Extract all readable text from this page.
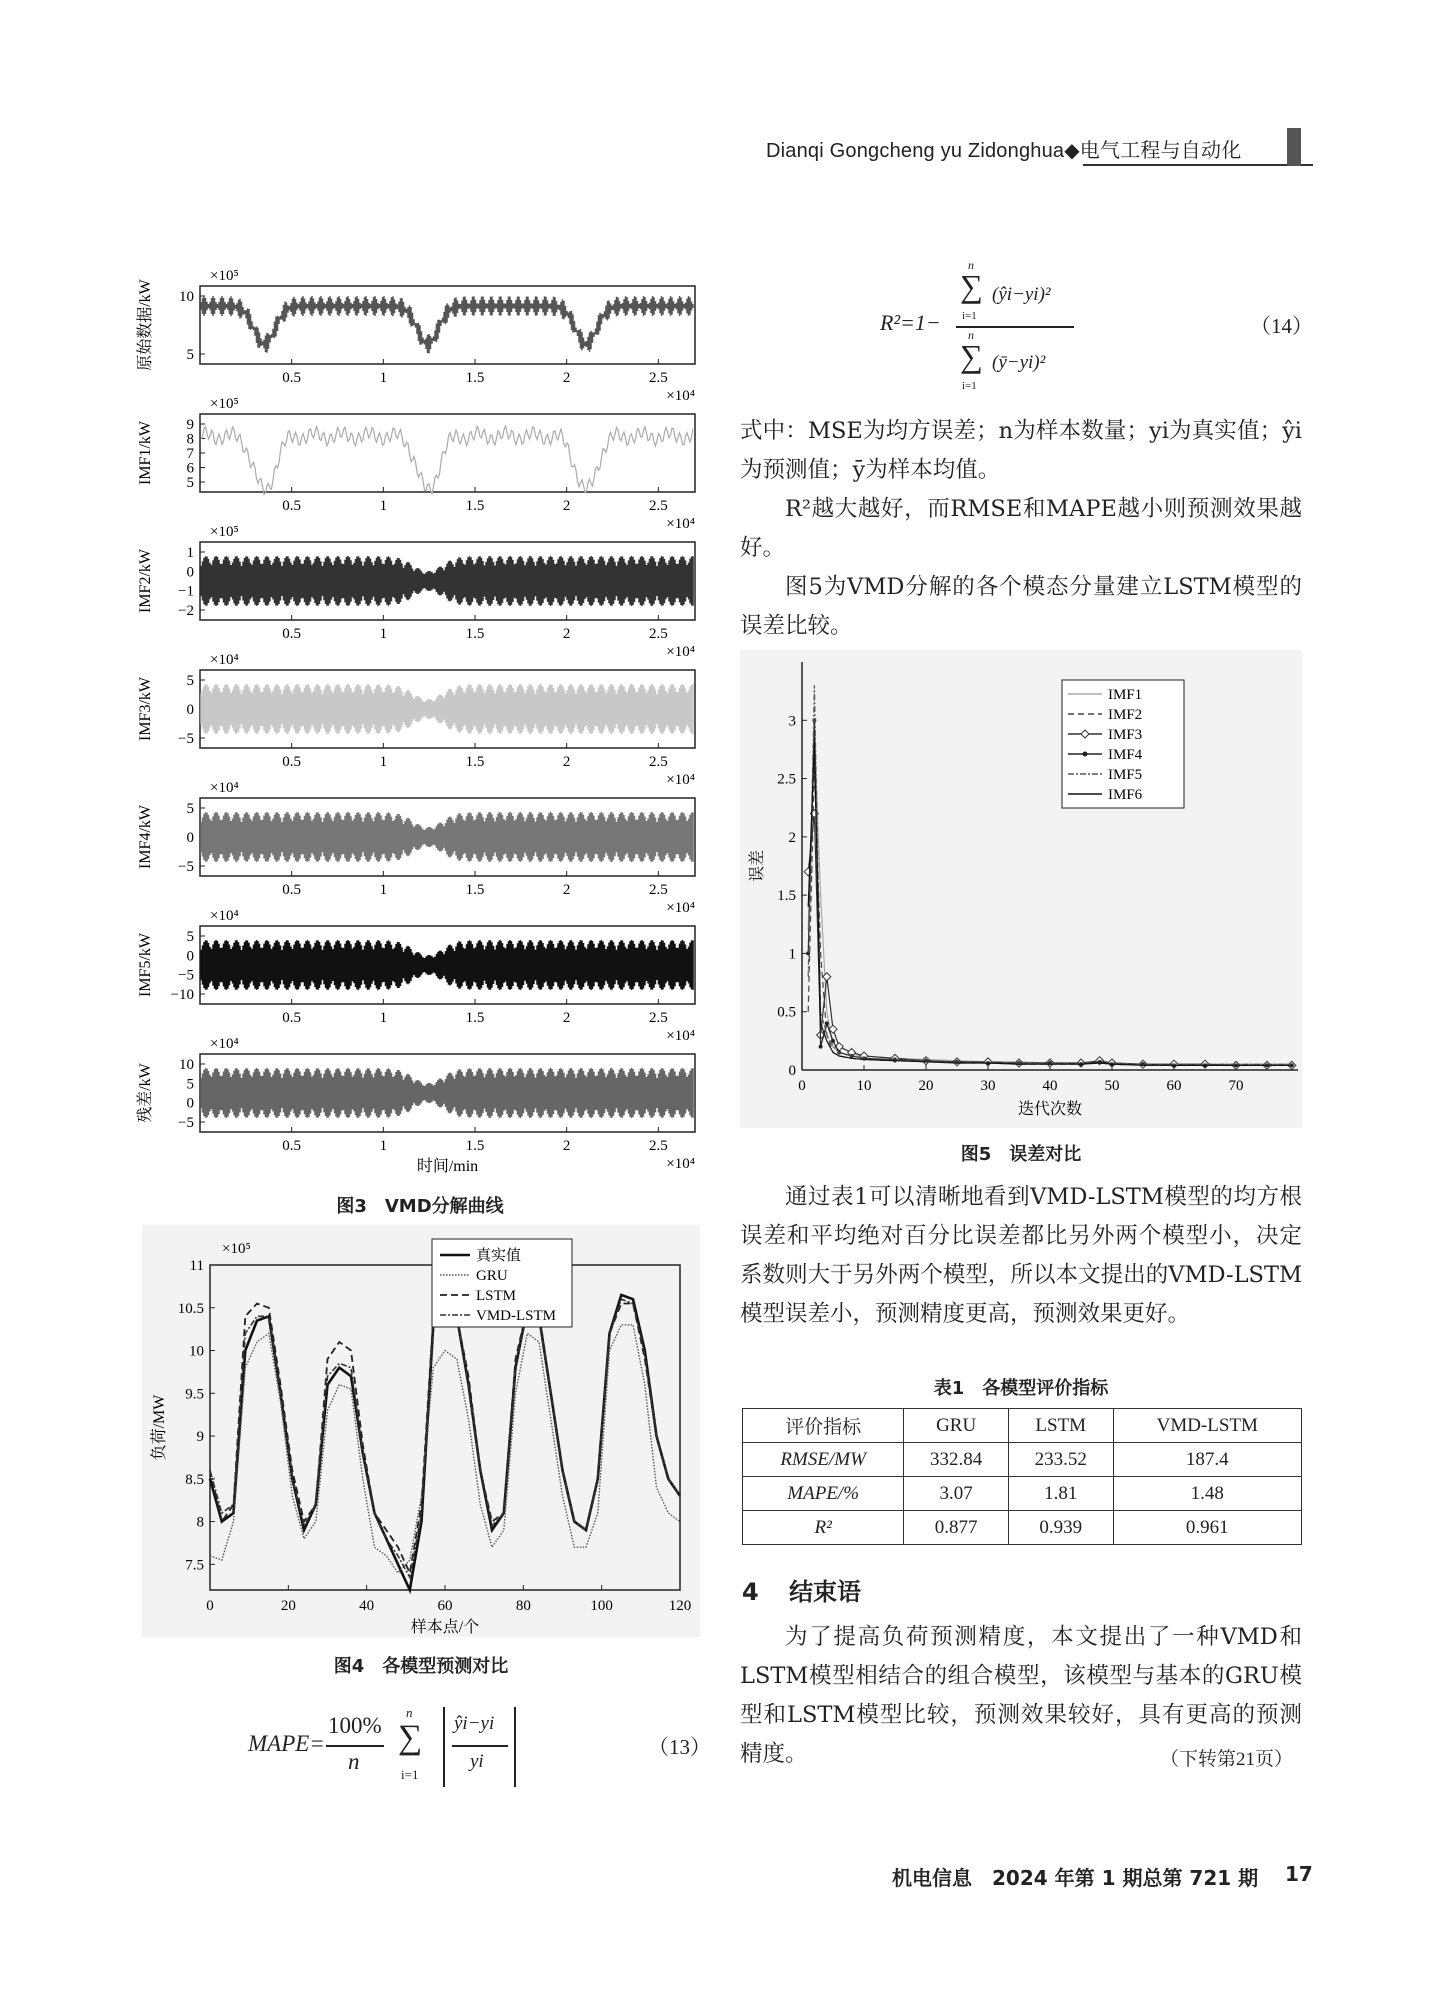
Dianqi Gongcheng yu Zidonghua◆电气工程与自动化
×10⁵
10
5
0.5	1	1.5	2	2.5
×10⁴
原始数据/kW
×10⁵
9
8
7
6
5
0.5	1	1.5	2	2.5
×10⁴
IMF1/kW
×10⁵
1
0
−1
−2
0.5	1	1.5	2	2.5
×10⁴
IMF2/kW
×10⁴
5
0
−5
0.5	1	1.5	2	2.5
×10⁴
IMF3/kW
×10⁴
5
0
−5
0.5	1	1.5	2	2.5
×10⁴
IMF4/kW
×10⁴
5
0
−5
−10
0.5	1	1.5	2	2.5
×10⁴
IMF5/kW
×10⁴
10
5
0
−5
0.5	1	1.5	2	2.5
×10⁴
残差/kW
时间/min
图3　VMD分解曲线
×10⁵
7.5
8
8.5
9
9.5
10
10.5
11
0	20	40	60	80	100	120
样本点/个
负荷/MW
真实值
GRU
LSTM
VMD-LSTM
图4　各模型预测对比
MAPE=
100%
n
n
∑
i=1
ŷi−yi
yi
（13）
R²=1−
n
∑
i=1
(ŷi−yi)²
n
∑
i=1
(ȳ−yi)²
（14）

式中：MSE为均方误差；n为样本数量；yi为真实值；ŷi为预测值；ȳ为样本均值。

R²越大越好，而RMSE和MAPE越小则预测效果越好。

图5为VMD分解的各个模态分量建立LSTM模型的误差比较。

0
0.5
1
1.5
2
2.5
3
0	10	20	30	40	50	60	70
迭代次数
误差
IMF1
IMF2
IMF3
IMF4
IMF5
IMF6
图5　误差对比

通过表1可以清晰地看到VMD-LSTM模型的均方根误差和平均绝对百分比误差都比另外两个模型小，决定系数则大于另外两个模型，所以本文提出的VMD-LSTM模型误差小，预测精度更高，预测效果更好。

表1　各模型评价指标
评价指标	GRU	LSTM	VMD-LSTM
RMSE/MW	332.84	233.52	187.4
MAPE/%	3.07	1.81	1.48
R²	0.877	0.939	0.961
4 结束语

为了提高负荷预测精度，本文提出了一种VMD和LSTM模型相结合的组合模型，该模型与基本的GRU模型和LSTM模型比较，预测效果较好，具有更高的预测精度。	（下转第21页）
机电信息　2024 年第 1 期总第 721 期 17
